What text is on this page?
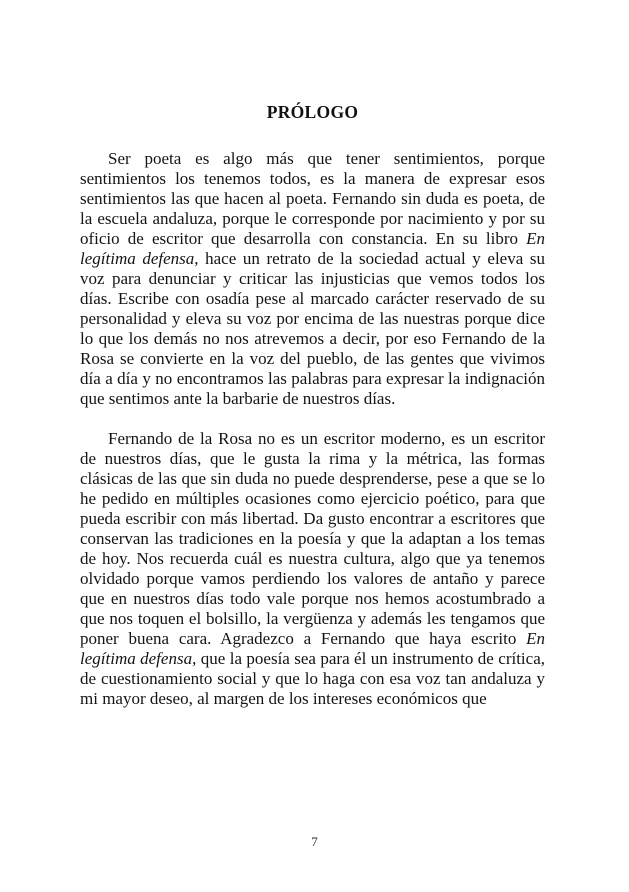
PRÓLOGO

Ser poeta es algo más que tener sentimientos, porque sentimientos los tenemos todos, es la manera de expresar esos sentimientos las que hacen al poeta. Fernando sin duda es poeta, de la escuela andaluza, porque le corresponde por nacimiento y por su oficio de escritor que desarrolla con constancia. En su libro En legítima defensa, hace un retrato de la sociedad actual y eleva su voz para denunciar y criticar las injusticias que vemos todos los días. Escribe con osadía pese al marcado carácter reservado de su personalidad y eleva su voz por encima de las nuestras porque dice lo que los demás no nos atrevemos a decir, por eso Fernando de la Rosa se convierte en la voz del pueblo, de las gentes que vivimos día a día y no encontramos las palabras para expresar la indignación que sentimos ante la barbarie de nuestros días.

Fernando de la Rosa no es un escritor moderno, es un escritor de nuestros días, que le gusta la rima y la métrica, las formas clásicas de las que sin duda no puede desprenderse, pese a que se lo he pedido en múltiples ocasiones como ejercicio poético, para que pueda escribir con más libertad. Da gusto encontrar a escritores que conservan las tradiciones en la poesía y que la adaptan a los temas de hoy. Nos recuerda cuál es nuestra cultura, algo que ya tenemos olvidado porque vamos perdiendo los valores de antaño y parece que en nuestros días todo vale porque nos hemos acostumbrado a que nos toquen el bolsillo, la vergüenza y además les tengamos que poner buena cara. Agradezco a Fernando que haya escrito En legítima defensa, que la poesía sea para él un instrumento de crítica, de cuestionamiento social y que lo haga con esa voz tan andaluza y mi mayor deseo, al margen de los intereses económicos que

7
